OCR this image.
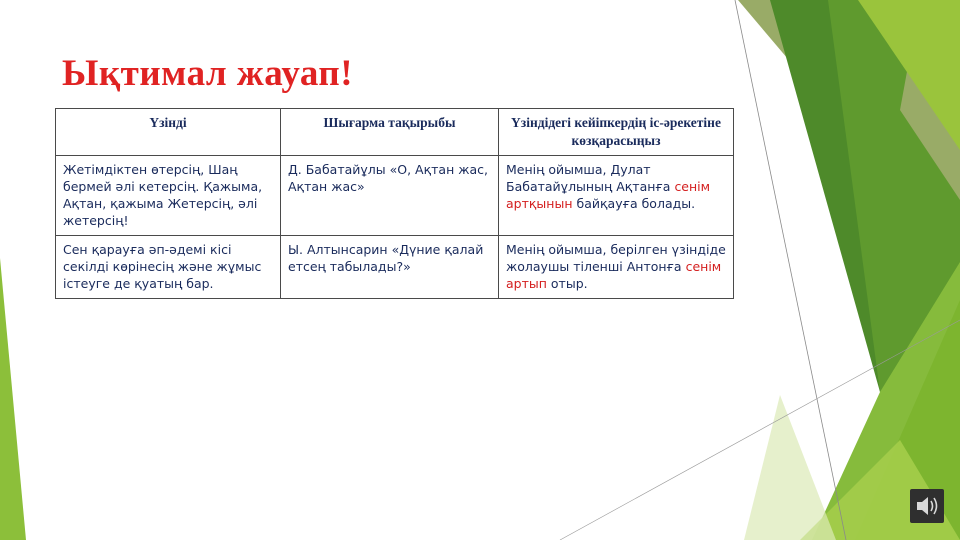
Ықтимал жауап!
Үзінді	Шығарма тақырыбы	Үзіндідегі кейіпкердің іс-әрекетіне көзқарасыңыз
Жетімдіктен өтерсің, Шаң бермей әлі кетерсің. Қажыма, Ақтан, қажыма Жетерсің, әлі жетерсің!	Д. Бабатайұлы «О, Ақтан жас, Ақтан жас»	Менің ойымша, Дулат Бабатайұлының Ақтанға сенім артқынын байқауға болады.
Сен қарауға әп-әдемі кісі секілді көрінесің және жұмыс істеуге де қуатың бар.	Ы. Алтынсарин «Дүние қалай етсең табылады?»	Менің ойымша, берілген үзіндіде жолаушы тіленші Антонға сенім артып отыр.
